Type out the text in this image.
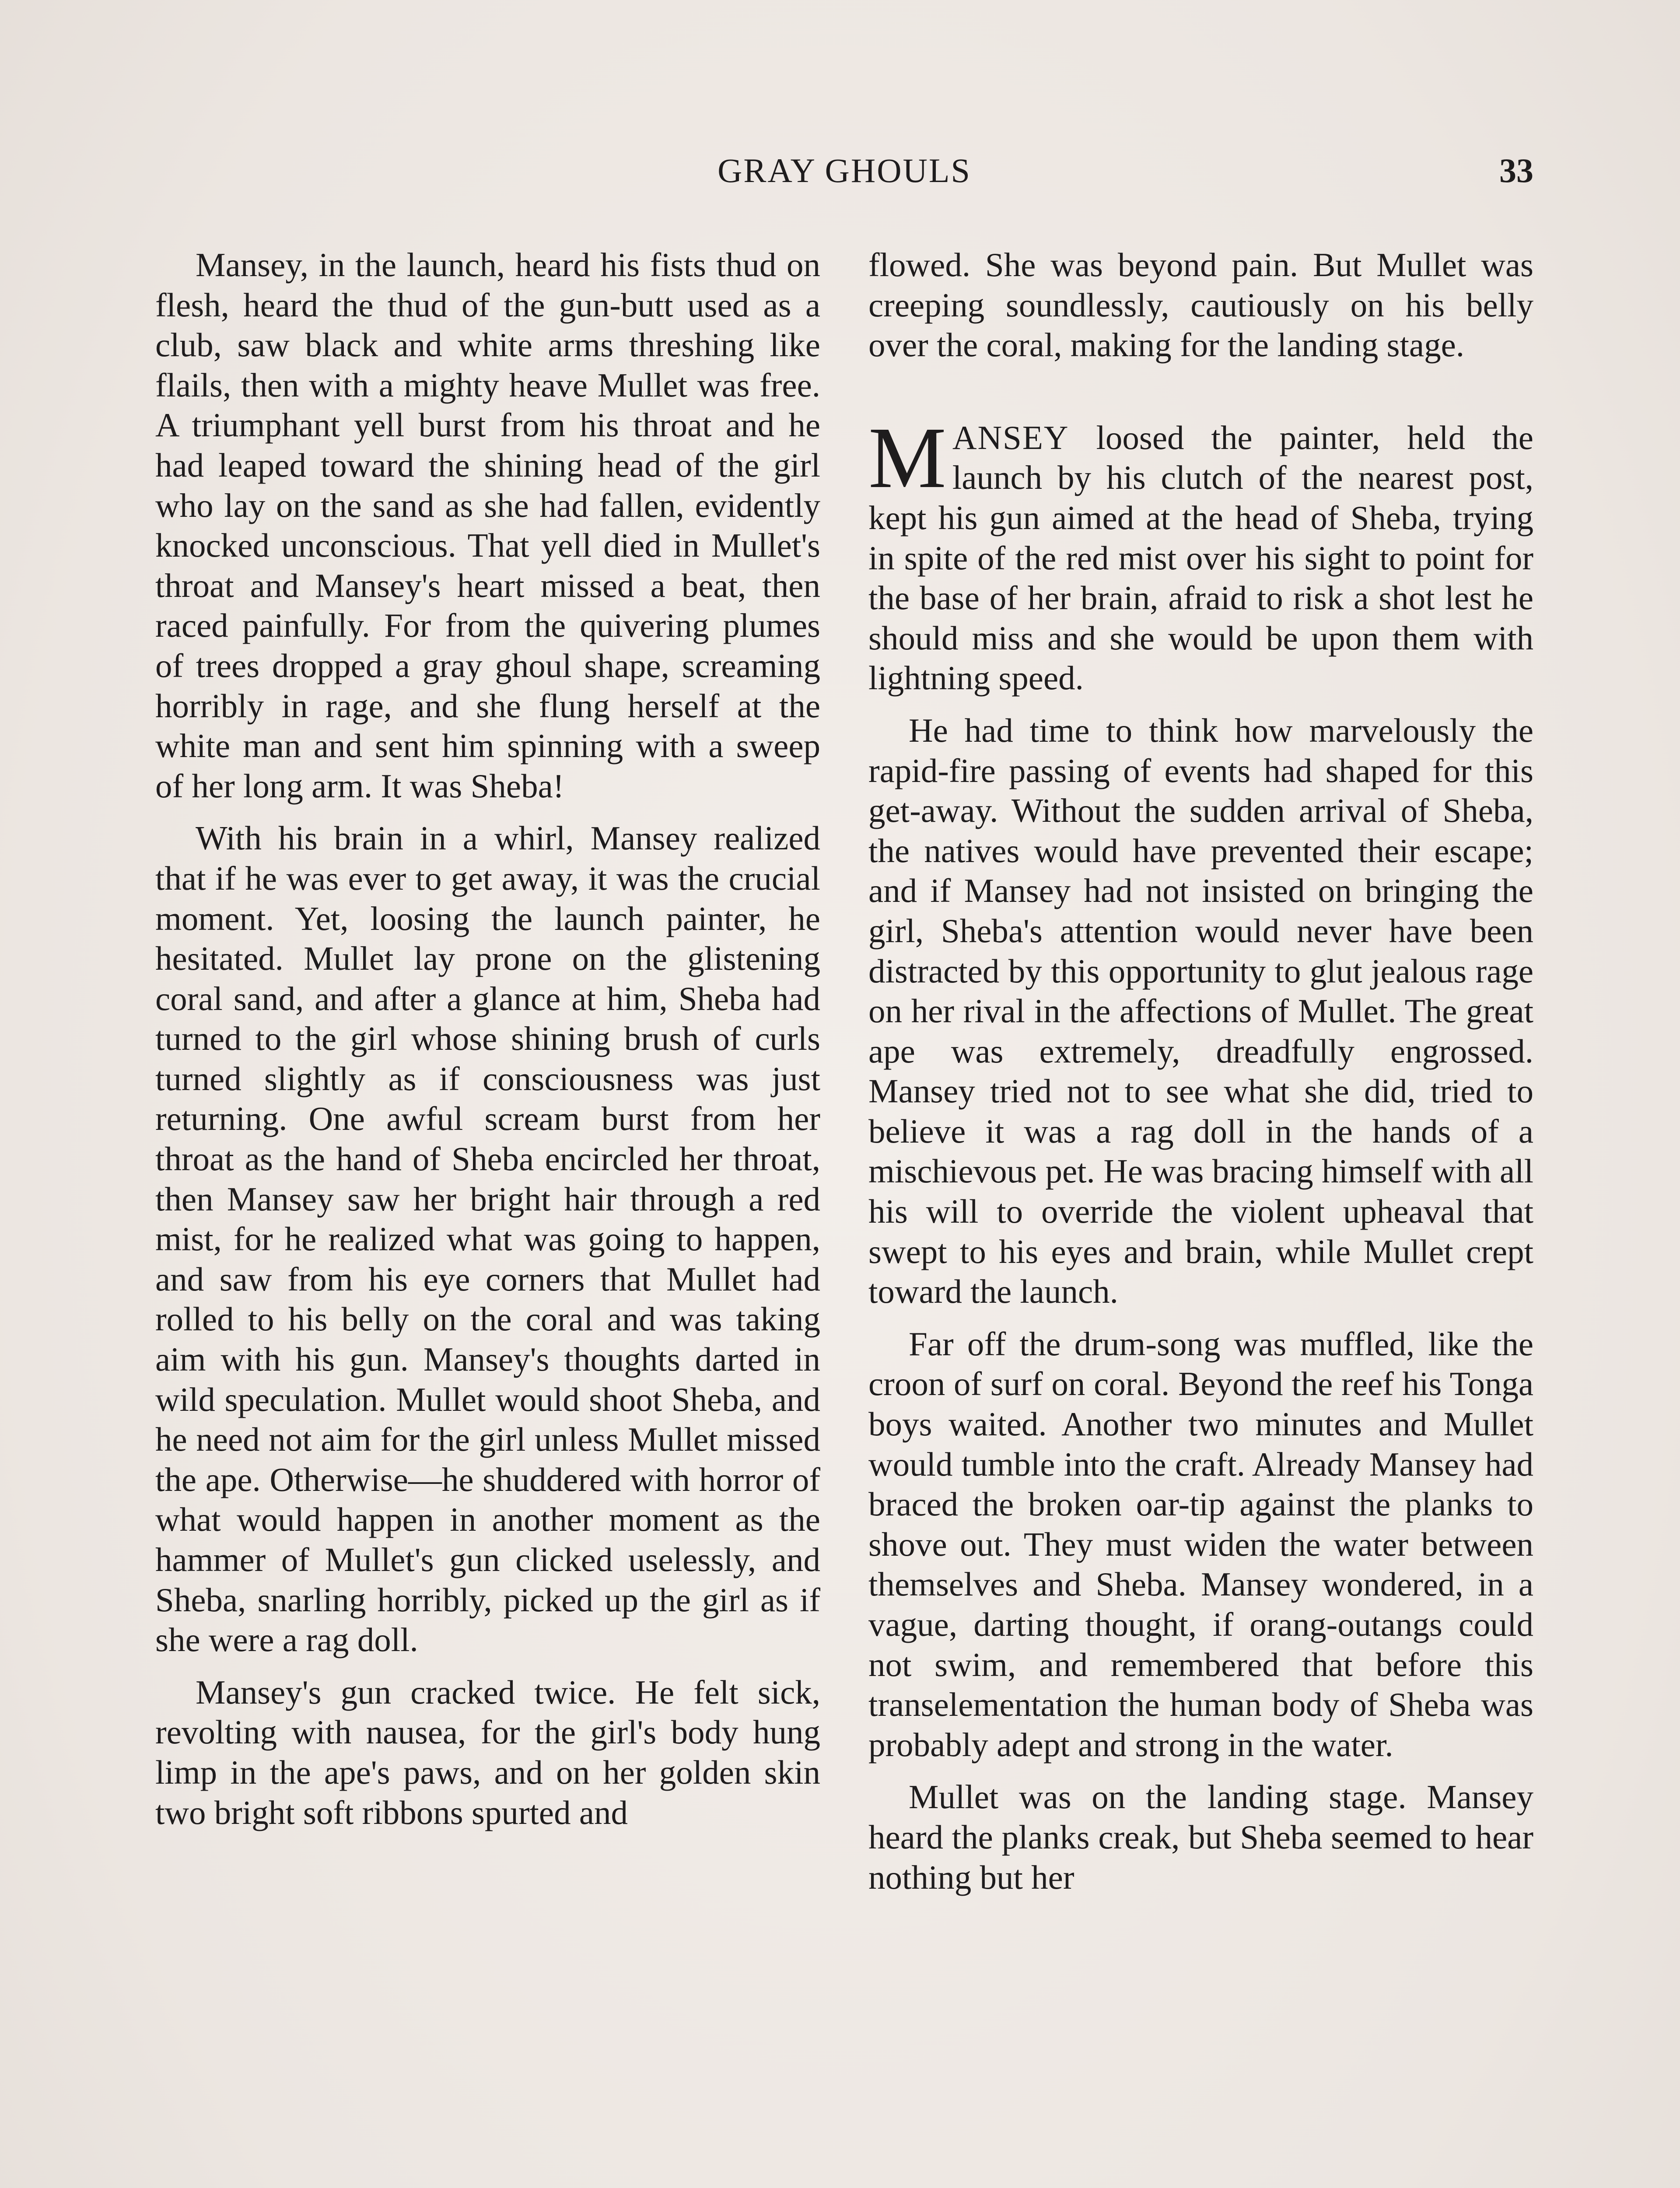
GRAY GHOULS	33

Mansey, in the launch, heard his fists thud on flesh, heard the thud of the gun-butt used as a club, saw black and white arms threshing like flails, then with a mighty heave Mullet was free. A triumphant yell burst from his throat and he had leaped toward the shining head of the girl who lay on the sand as she had fallen, evidently knocked unconscious. That yell died in Mullet's throat and Mansey's heart missed a beat, then raced painfully. For from the quivering plumes of trees dropped a gray ghoul shape, screaming horribly in rage, and she flung herself at the white man and sent him spinning with a sweep of her long arm. It was Sheba!

With his brain in a whirl, Mansey realized that if he was ever to get away, it was the crucial moment. Yet, loosing the launch painter, he hesitated. Mullet lay prone on the glistening coral sand, and after a glance at him, Sheba had turned to the girl whose shining brush of curls turned slightly as if consciousness was just returning. One awful scream burst from her throat as the hand of Sheba encircled her throat, then Mansey saw her bright hair through a red mist, for he realized what was going to happen, and saw from his eye corners that Mullet had rolled to his belly on the coral and was taking aim with his gun. Mansey's thoughts darted in wild speculation. Mullet would shoot Sheba, and he need not aim for the girl unless Mullet missed the ape. Otherwise—he shuddered with horror of what would happen in another moment as the hammer of Mullet's gun clicked uselessly, and Sheba, snarling horribly, picked up the girl as if she were a rag doll.

Mansey's gun cracked twice. He felt sick, revolting with nausea, for the girl's body hung limp in the ape's paws, and on her golden skin two bright soft ribbons spurted and

flowed. She was beyond pain. But Mullet was creeping soundlessly, cautiously on his belly over the coral, making for the landing stage.

MANSEY loosed the painter, held the launch by his clutch of the nearest post, kept his gun aimed at the head of Sheba, trying in spite of the red mist over his sight to point for the base of her brain, afraid to risk a shot lest he should miss and she would be upon them with lightning speed.

He had time to think how marvelously the rapid-fire passing of events had shaped for this get-away. Without the sudden arrival of Sheba, the natives would have prevented their escape; and if Mansey had not insisted on bringing the girl, Sheba's attention would never have been distracted by this opportunity to glut jealous rage on her rival in the affections of Mullet. The great ape was extremely, dreadfully engrossed. Mansey tried not to see what she did, tried to believe it was a rag doll in the hands of a mischievous pet. He was bracing himself with all his will to override the violent upheaval that swept to his eyes and brain, while Mullet crept toward the launch.

Far off the drum-song was muffled, like the croon of surf on coral. Beyond the reef his Tonga boys waited. Another two minutes and Mullet would tumble into the craft. Already Mansey had braced the broken oar-tip against the planks to shove out. They must widen the water between themselves and Sheba. Mansey wondered, in a vague, darting thought, if orang-outangs could not swim, and remembered that before this transelementation the human body of Sheba was probably adept and strong in the water.

Mullet was on the landing stage. Mansey heard the planks creak, but Sheba seemed to hear nothing but her
